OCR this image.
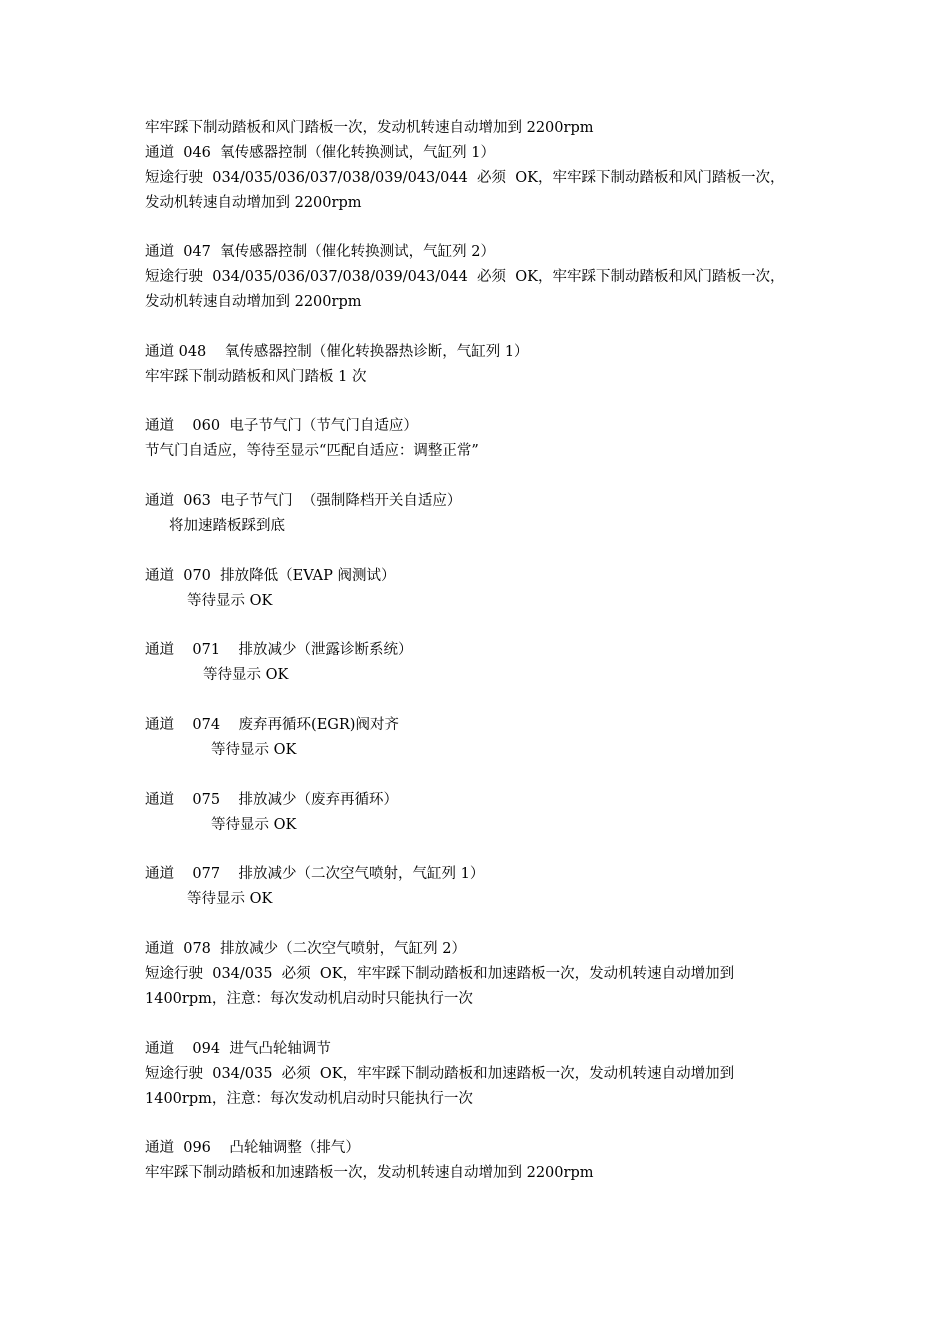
牢牢踩下制动踏板和风门踏板一次，发动机转速自动增加到 2200rpm
通道  046  氧传感器控制（催化转换测试，气缸列 1）
短途行驶  034/035/036/037/038/039/043/044  必须  OK，牢牢踩下制动踏板和风门踏板一次，
发动机转速自动增加到 2200rpm
通道  047  氧传感器控制（催化转换测试，气缸列 2）
短途行驶  034/035/036/037/038/039/043/044  必须  OK，牢牢踩下制动踏板和风门踏板一次，
发动机转速自动增加到 2200rpm
通道 048    氧传感器控制（催化转换器热诊断，气缸列 1）
牢牢踩下制动踏板和风门踏板 1 次
通道    060  电子节气门（节气门自适应）
节气门自适应，等待至显示“匹配自适应：调整正常”
通道  063  电子节气门  （强制降档开关自适应）
将加速踏板踩到底
通道  070  排放降低（EVAP 阀测试）
等待显示 OK
通道    071    排放减少（泄露诊断系统）
等待显示 OK
通道    074    废弃再循环(EGR)阀对齐
等待显示 OK
通道    075    排放减少（废弃再循环）
等待显示 OK
通道    077    排放减少（二次空气喷射，气缸列 1）
等待显示 OK
通道  078  排放减少（二次空气喷射，气缸列 2）
短途行驶  034/035  必须  OK，牢牢踩下制动踏板和加速踏板一次，发动机转速自动增加到
1400rpm，注意：每次发动机启动时只能执行一次
通道    094  进气凸轮轴调节
短途行驶  034/035  必须  OK，牢牢踩下制动踏板和加速踏板一次，发动机转速自动增加到
1400rpm，注意：每次发动机启动时只能执行一次
通道  096    凸轮轴调整（排气）
牢牢踩下制动踏板和加速踏板一次，发动机转速自动增加到 2200rpm
